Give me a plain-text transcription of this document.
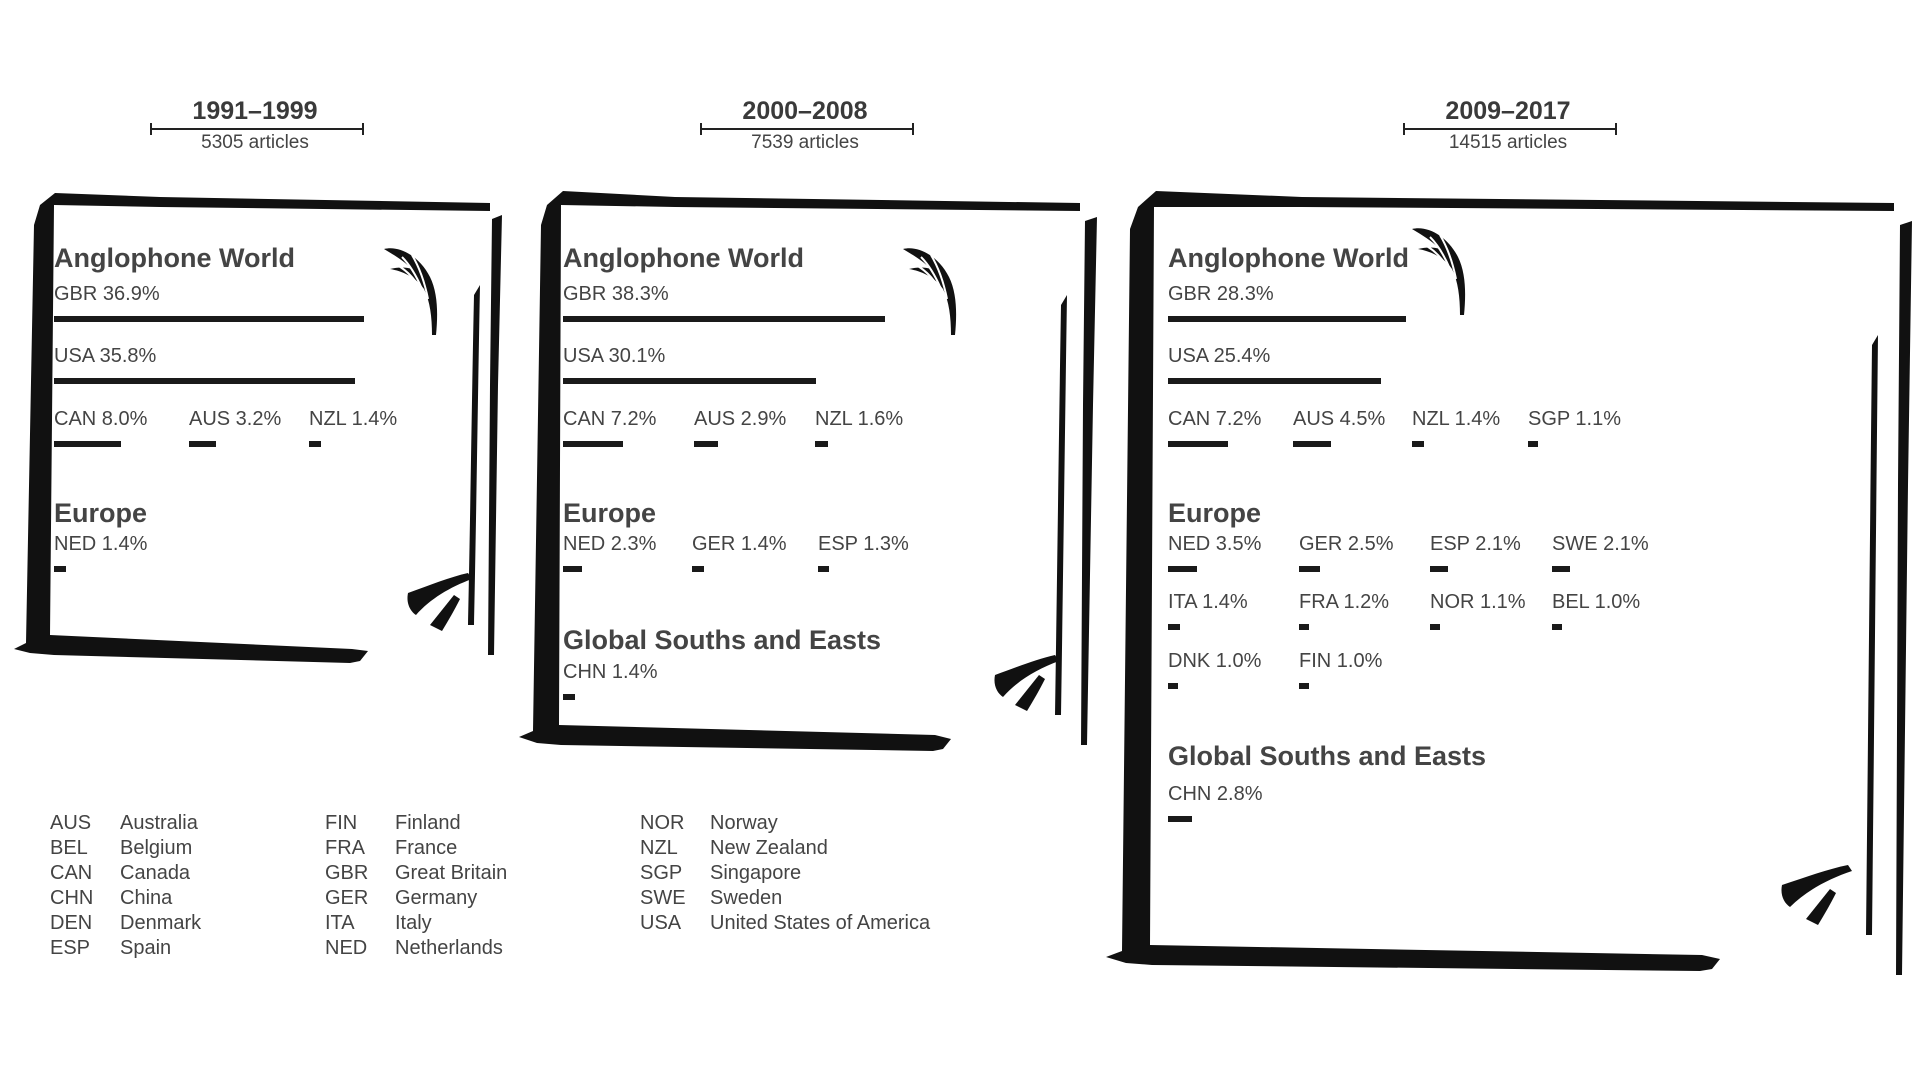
1991–1999
5305 articles
2000–2008
7539 articles
2009–2017
14515 articles
Anglophone World
GBR 36.9%
USA 35.8%
CAN 8.0% AUS 3.2% NZL 1.4%
Europe
NED 1.4%
Anglophone World
GBR 38.3%
USA 30.1%
CAN 7.2% AUS 2.9% NZL 1.6%
Europe
NED 2.3% GER 1.4% ESP 1.3%
Global Souths and Easts
CHN 1.4%
Anglophone World
GBR 28.3%
USA 25.4%
CAN 7.2% AUS 4.5% NZL 1.4% SGP 1.1%
Europe
NED 3.5% GER 2.5% ESP 2.1% SWE 2.1%
ITA 1.4%	FRA 1.2% NOR 1.1% BEL 1.0%
DNK 1.0% FIN 1.0%
Global Souths and Easts
CHN 2.8%
AUS Australia
BEL Belgium
CAN Canada
CHN China
DEN Denmark
ESP Spain
FIN Finland
FRA France
GBR Great Britain
GER Germany
ITA Italy
NED Netherlands
NOR Norway
NZL New Zealand
SGP Singapore
SWE Sweden
USA United States of America
